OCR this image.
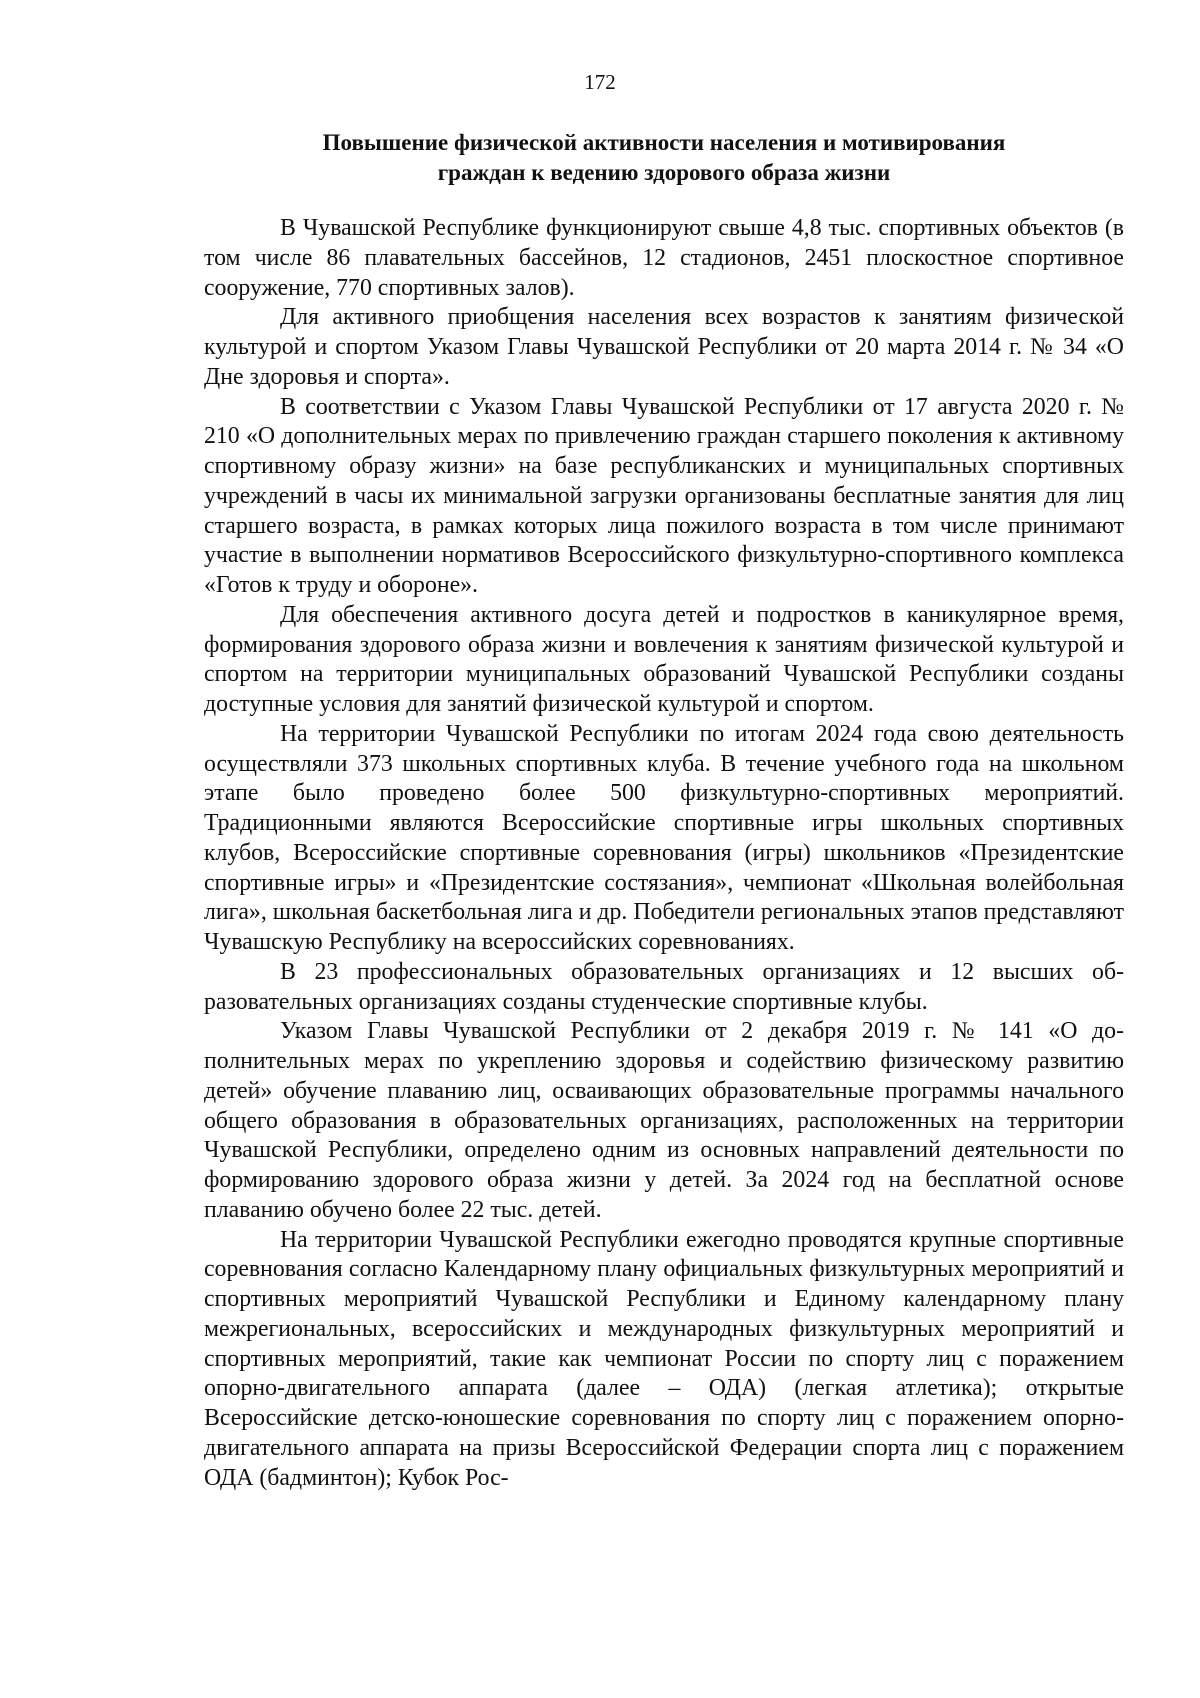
172
Повышение физической активности населения и мотивирования
граждан к ведению здорового образа жизни

В Чувашской Республике функционируют свыше 4,8 тыс. спортивных объектов (в том числе 86 плавательных бассейнов, 12 стадионов, 2451 плоскостное спортивное сооружение, 770 спортивных залов).

Для активного приобщения населения всех возрастов к занятиям физической культурой и спортом Указом Главы Чувашской Республики от 20 марта 2014 г. № 34 «О Дне здоровья и спорта».

В соответствии с Указом Главы Чувашской Республики от 17 августа 2020 г. № 210 «О дополнительных мерах по привлечению граждан старшего поколения к активному спортивному образу жизни» на базе республиканских и муниципальных спортивных учреждений в часы их минимальной загрузки организованы бесплатные занятия для лиц старшего возраста, в рамках которых лица пожилого возраста в том числе принимают участие в выполнении нормативов Всероссийского физкультурно-спортивного комплекса «Готов к труду и обороне».

Для обеспечения активного досуга детей и подростков в каникулярное время, формирования здорового образа жизни и вовлечения к занятиям физической культурой и спортом на территории муниципальных образований Чувашской Республики созданы доступные условия для занятий физической культурой и спортом.

На территории Чувашской Республики по итогам 2024 года свою деятельность осуществляли 373 школьных спортивных клуба. В течение учебного года на школьном этапе было проведено более 500 физкультурно-спортивных мероприятий. Традиционными являются Всероссийские спортивные игры школьных спортивных клубов, Всероссийские спортивные соревнования (игры) школьников «Президентские спортивные игры» и «Президентские состязания», чемпионат «Школьная волейбольная лига», школьная баскетбольная лига и др. Победители региональных этапов представляют Чувашскую Республику на всероссийских соревнованиях.

В 23 профессиональных образовательных организациях и 12 высших образовательных организациях созданы студенческие спортивные клубы.

Указом Главы Чувашской Республики от 2 декабря 2019 г. № 141 «О дополнительных мерах по укреплению здоровья и содействию физическому развитию детей» обучение плаванию лиц, осваивающих образовательные программы начального общего образования в образовательных организациях, расположенных на территории Чувашской Республики, определено одним из основных направлений деятельности по формированию здорового образа жизни у детей. За 2024 год на бесплатной основе плаванию обучено более 22 тыс. детей.

На территории Чувашской Республики ежегодно проводятся крупные спортивные соревнования согласно Календарному плану официальных физкультурных мероприятий и спортивных мероприятий Чувашской Республики и Единому календарному плану межрегиональных, всероссийских и международных физкультурных мероприятий и спортивных мероприятий, такие как чемпионат России по спорту лиц с поражением опорно-двигательного аппарата (далее – ОДА) (легкая атлетика); открытые Всероссийские детско-юношеские соревнования по спорту лиц с поражением опорно-двигательного аппарата на призы Всероссийской Федерации спорта лиц с поражением ОДА (бадминтон); Кубок Рос-
